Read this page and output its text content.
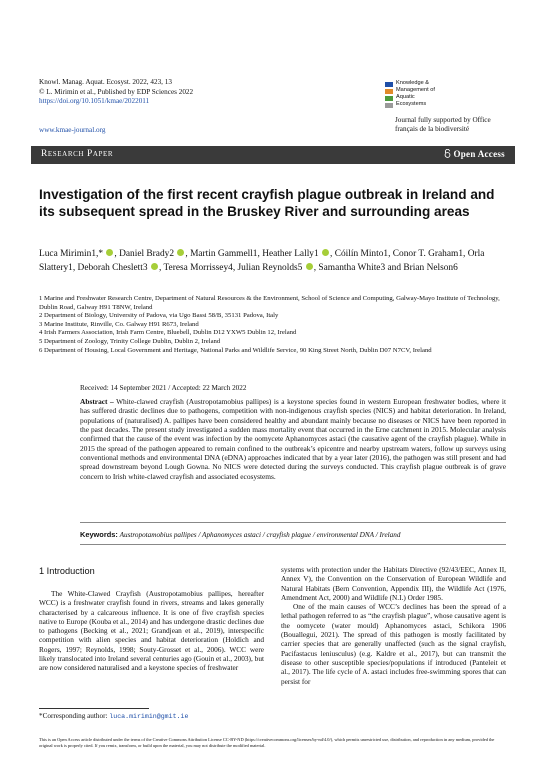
Knowl. Manag. Aquat. Ecosyst. 2022, 423, 13
© L. Mirimin et al., Published by EDP Sciences 2022
https://doi.org/10.1051/kmae/2022011
Knowledge &
Management of
Aquatic
Ecosystems
Journal fully supported by Office français de la biodiversité
www.kmae-journal.org
Research Paper	Open Access
Investigation of the first recent crayfish plague outbreak in Ireland and its subsequent spread in the Bruskey River and surrounding areas
Luca Mirimin1,* , Daniel Brady2 , Martin Gammell1, Heather Lally1 , Cóilín Minto1, Conor T. Graham1, Orla Slattery1, Deborah Cheslett3 , Teresa Morrissey4, Julian Reynolds5 , Samantha White3 and Brian Nelson6
1 Marine and Freshwater Research Centre, Department of Natural Resources & the Environment, School of Science and Computing, Galway-Mayo Institute of Technology, Dublin Road, Galway H91 T8NW, Ireland
2 Department of Biology, University of Padova, via Ugo Bassi 58/B, 35131 Padova, Italy
3 Marine Institute, Rinville, Co. Galway H91 R673, Ireland
4 Irish Farmers Association, Irish Farm Centre, Bluebell, Dublin D12 YXW5 Dublin 12, Ireland
5 Department of Zoology, Trinity College Dublin, Dublin 2, Ireland
6 Department of Housing, Local Government and Heritage, National Parks and Wildlife Service, 90 King Street North, Dublin D07 N7CV, Ireland
Received: 14 September 2021 / Accepted: 22 March 2022
Abstract – White-clawed crayfish (Austropotamobius pallipes) is a keystone species found in western European freshwater bodies, where it has suffered drastic declines due to pathogens, competition with non-indigenous crayfish species (NICS) and habitat deterioration. In Ireland, populations of (naturalised) A. pallipes have been considered healthy and abundant mainly because no diseases or NICS have been reported in the past decades. The present study investigated a sudden mass mortality event that occurred in the Erne catchment in 2015. Molecular analysis confirmed that the cause of the event was infection by the oomycete Aphanomyces astaci (the causative agent of the crayfish plague). While in 2015 the spread of the pathogen appeared to remain confined to the outbreak’s epicentre and nearby upstream waters, follow up surveys using conventional methods and environmental DNA (eDNA) approaches indicated that by a year later (2016), the pathogen was still present and had spread downstream beyond Lough Gowna. No NICS were detected during the surveys conducted. This crayfish plague outbreak is of grave concern to Irish white-clawed crayfish and associated ecosystems.
Keywords: Austropotamobius pallipes / Aphanomyces astaci / crayfish plague / environmental DNA / Ireland
1 Introduction

The White-Clawed Crayfish (Austropotamobius pallipes, hereafter WCC) is a freshwater crayfish found in rivers, streams and lakes generally characterised by a calcareous influence. It is one of five crayfish species native to Europe (Kouba et al., 2014) and has undergone drastic declines due to pathogens (Becking et al., 2021; Grandjean et al., 2019), interspecific competition with alien species and habitat deterioration (Holdich and Rogers, 1997; Reynolds, 1998; Souty-Grosset et al., 2006). WCC were likely translocated into Ireland several centuries ago (Gouin et al., 2003), but are now considered naturalised and a keystone species of freshwater

systems with protection under the Habitats Directive (92/43/EEC, Annex II, Annex V), the Convention on the Conservation of European Wildlife and Natural Habitats (Bern Convention, Appendix III), the Wildlife Act (1976, Amendment Act, 2000) and Wildlife (N.I.) Order 1985.

One of the main causes of WCC’s declines has been the spread of a lethal pathogen referred to as “the crayfish plague”, whose causative agent is the oomycete (water mould) Aphanomyces astaci, Schikora 1906 (Bouallegui, 2021). The spread of this pathogen is mostly facilitated by carrier species that are generally unaffected (such as the signal crayfish, Pacifastacus leniusculus) (e.g. Kaldre et al., 2017), but can transmit the disease to other susceptible species/populations if introduced (Panteleit et al., 2017). The life cycle of A. astaci includes free-swimming spores that can persist for

*Corresponding author: luca.mirimin@gmit.ie
This is an Open Access article distributed under the terms of the Creative Commons Attribution License CC-BY-ND (https://creativecommons.org/licenses/by-nd/4.0/), which permits unrestricted use, distribution, and reproduction in any medium, provided the original work is properly cited. If you remix, transform, or build upon the material, you may not distribute the modified material.
